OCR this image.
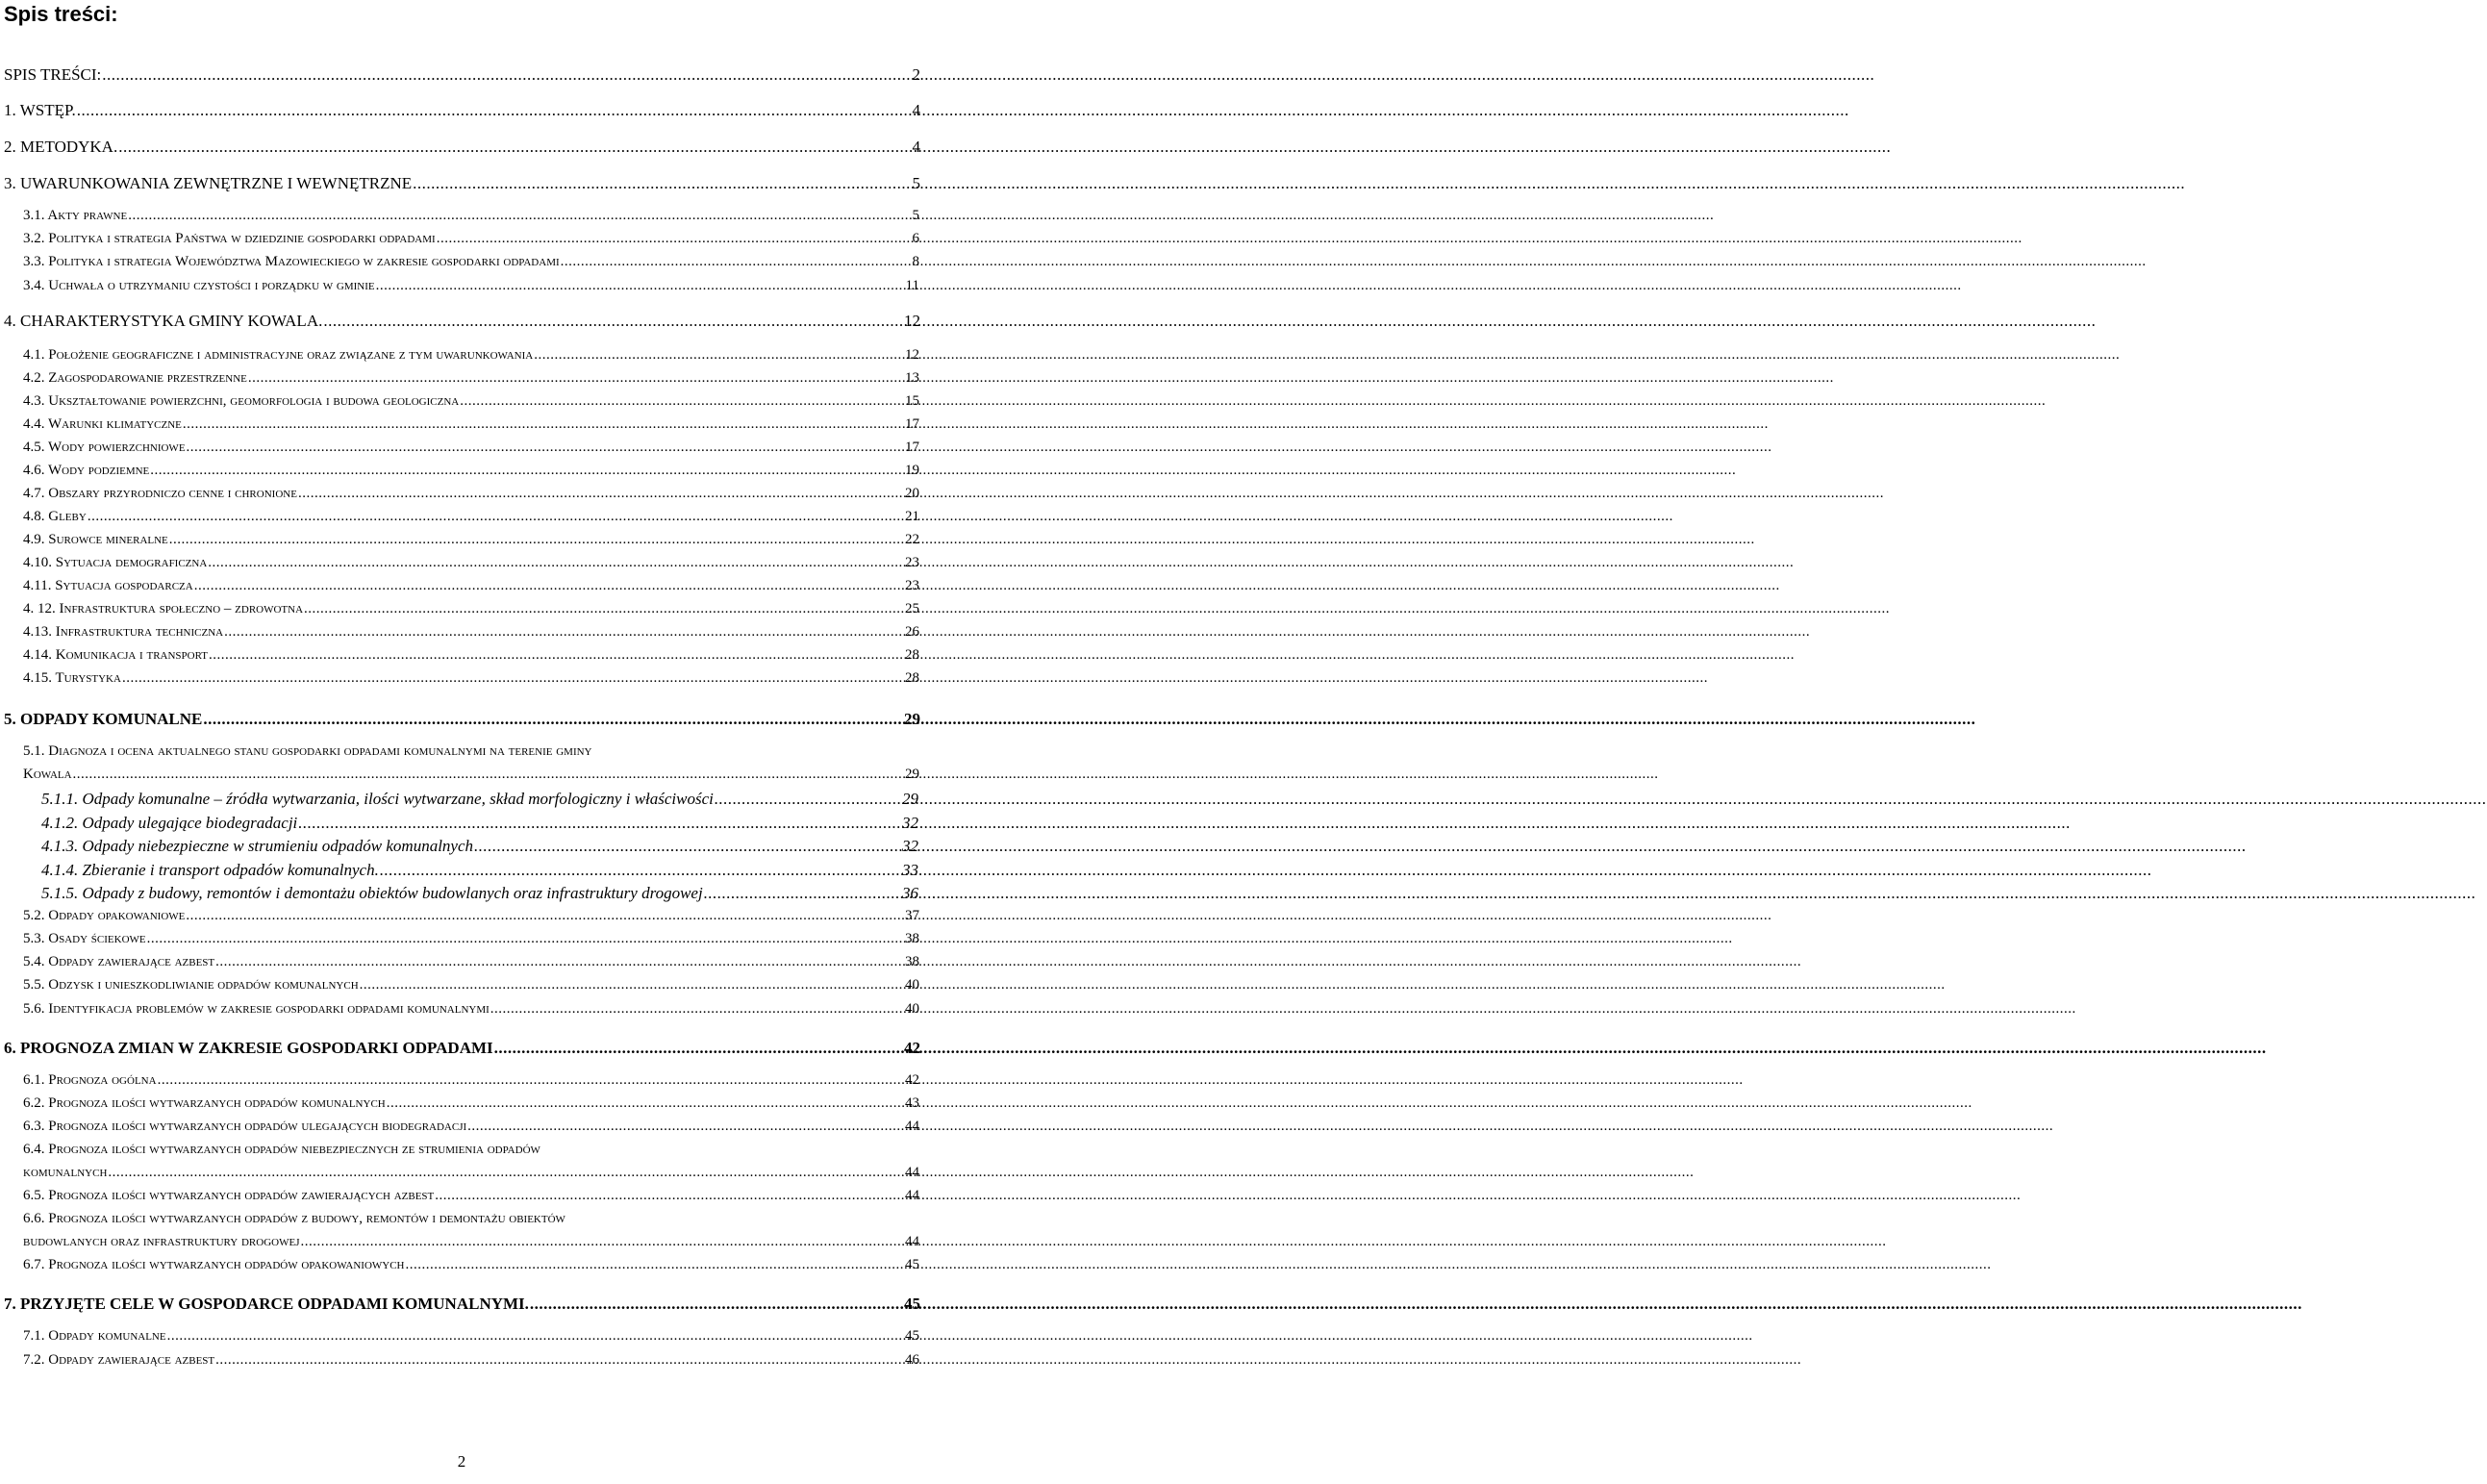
Spis treści:
SPIS TREŚCI: .....	2
1. WSTĘP. .....	4
2. METODYKA. .....	4
3. UWARUNKOWANIA ZEWNĘTRZNE I WEWNĘTRZNE .....	5
3.1. Akty prawne .....	5
3.2. Polityka i strategia Państwa w dziedzinie gospodarki odpadami .....	6
3.3. Polityka i strategia Województwa Mazowieckiego w zakresie gospodarki odpadami .....	8
3.4. Uchwała o utrzymaniu czystości i porządku w gminie .....	11
4. CHARAKTERYSTYKA GMINY KOWALA. .....	12
4.1. Położenie geograficzne i administracyjne oraz związane z tym uwarunkowania .....	12
4.2. Zagospodarowanie przestrzenne .....	13
4.3. Ukształtowanie powierzchni, geomorfologia i budowa geologiczna .....	15
4.4. Warunki klimatyczne .....	17
4.5. Wody powierzchniowe .....	17
4.6. Wody podziemne .....	19
4.7. Obszary przyrodniczo cenne i chronione .....	20
4.8. Gleby .....	21
4.9. Surowce mineralne .....	22
4.10. Sytuacja demograficzna .....	23
4.11. Sytuacja gospodarcza .....	23
4. 12. Infrastruktura społeczno – zdrowotna .....	25
4.13. Infrastruktura techniczna .....	26
4.14. Komunikacja i transport .....	28
4.15. Turystyka .....	28
5. ODPADY KOMUNALNE .....	29
5.1. Diagnoza i ocena aktualnego stanu gospodarki odpadami komunalnymi na terenie gminy
Kowala .....	29
5.1.1. Odpady komunalne – źródła wytwarzania, ilości wytwarzane, skład morfologiczny i właściwości .....	29
4.1.2. Odpady ulegające biodegradacji .....	32
4.1.3. Odpady niebezpieczne w strumieniu odpadów komunalnych .....	32
4.1.4. Zbieranie i transport odpadów komunalnych. .....	33
5.1.5. Odpady z budowy, remontów i demontażu obiektów budowlanych oraz infrastruktury drogowej .....	36
5.2. Odpady opakowaniowe .....	37
5.3. Osady ściekowe .....	38
5.4. Odpady zawierające azbest .....	38
5.5. Odzysk i unieszkodliwianie odpadów komunalnych .....	40
5.6. Identyfikacja problemów w zakresie gospodarki odpadami komunalnymi .....	40
6. PROGNOZA ZMIAN W ZAKRESIE GOSPODARKI ODPADAMI .....	42
6.1. Prognoza ogólna .....	42
6.2. Prognoza ilości wytwarzanych odpadów komunalnych .....	43
6.3. Prognoza ilości wytwarzanych odpadów ulegających biodegradacji .....	44
6.4. Prognoza ilości wytwarzanych odpadów niebezpiecznych ze strumienia odpadów
komunalnych .....	44
6.5. Prognoza ilości wytwarzanych odpadów zawierających azbest .....	44
6.6. Prognoza ilości wytwarzanych odpadów z budowy, remontów i demontażu obiektów
budowlanych oraz infrastruktury drogowej .....	44
6.7. Prognoza ilości wytwarzanych odpadów opakowaniowych .....	45
7. PRZYJĘTE CELE W GOSPODARCE ODPADAMI KOMUNALNYMI. .....	45
7.1. Odpady komunalne .....	45
7.2. Odpady zawierające azbest .....	46
2
